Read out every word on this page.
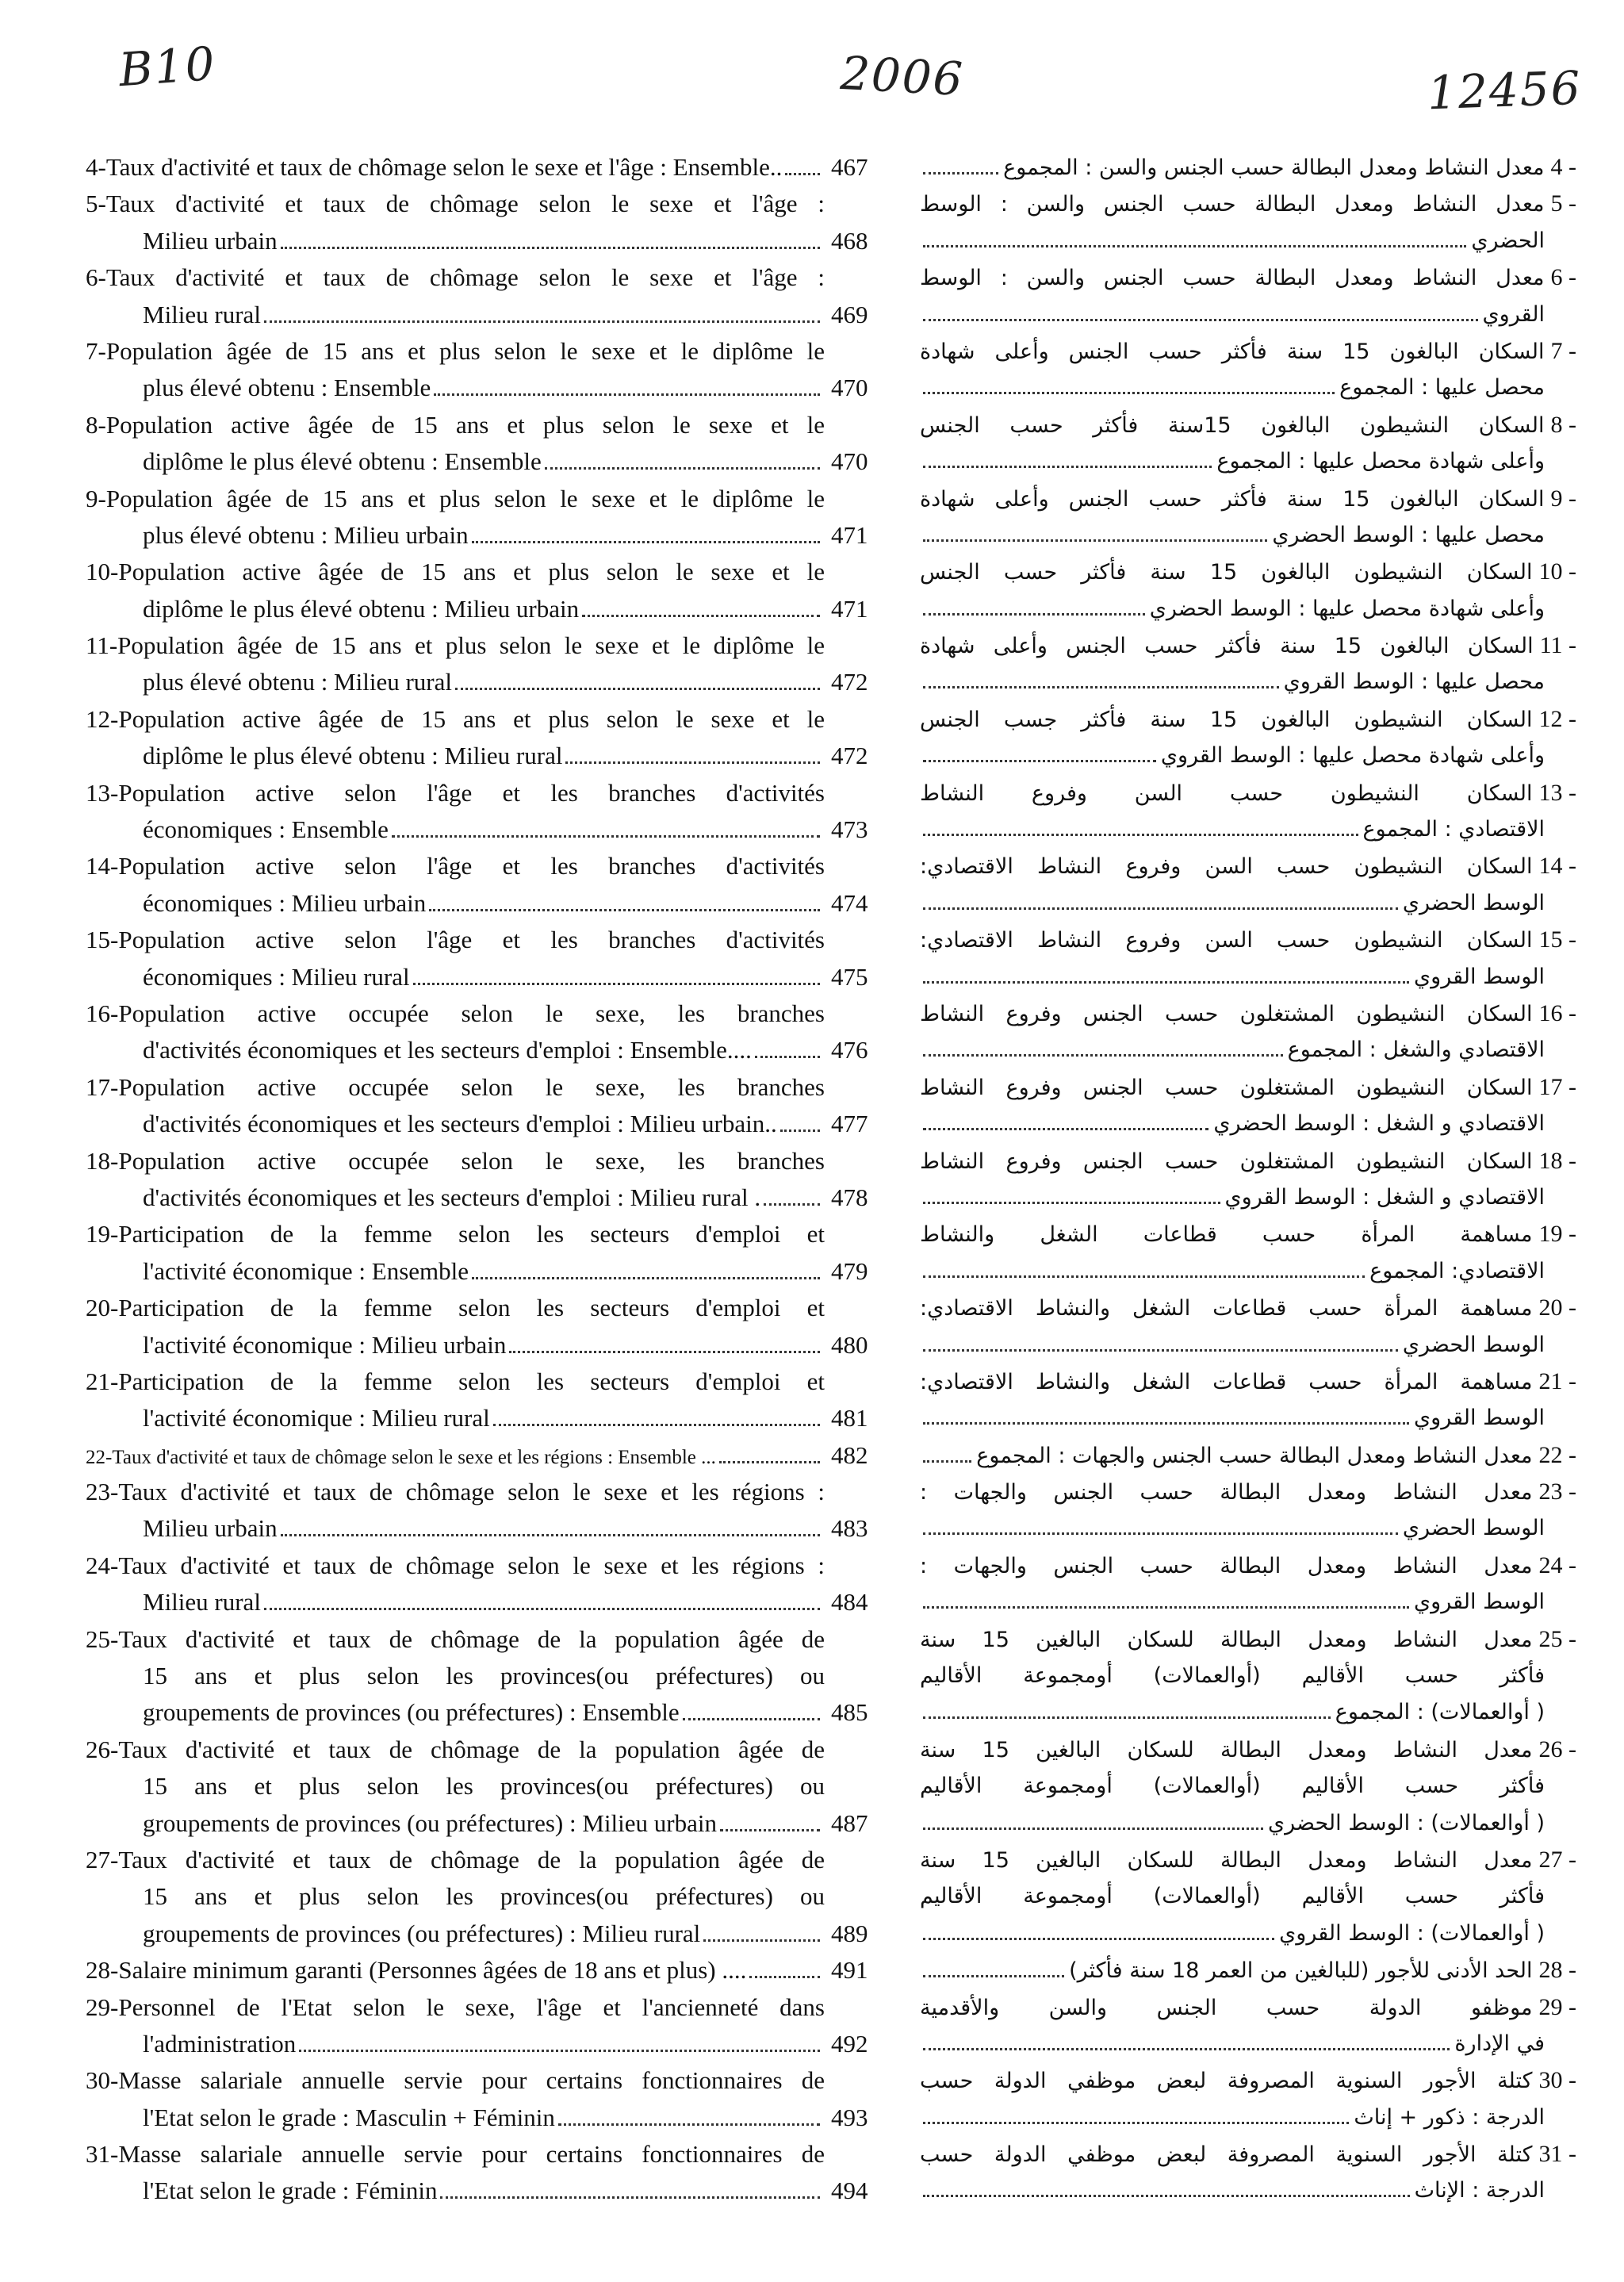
B10	2006	12456
4-Taux d'activité et taux de chômage selon le sexe et l'âge : Ensemble.. 467	4 -
معدل النشاط ومعدل البطالة حسب الجنس والسن : المجموع
5-Taux d'activité et taux de chômage selon le sexe et l'âge :
Milieu urbain	468
5 -
معدل النشاط ومعدل البطالة حسب الجنس والسن : الوسط
الحضري
6-Taux d'activité et taux de chômage selon le sexe et l'âge :
Milieu rural	469
6 -
معدل النشاط ومعدل البطالة حسب الجنس والسن : الوسط
القروي
7-Population âgée de 15 ans et plus selon le sexe et le diplôme le
plus élevé obtenu : Ensemble	470
7 -
السكان البالغون 15 سنة فأكثر حسب الجنس وأعلى شهادة
محصل عليها : المجموع
8-Population active âgée de 15 ans et plus selon le sexe et le
diplôme le plus élevé obtenu : Ensemble	470
8 -
السكان النشيطون البالغون 15سنة فأكثر حسب الجنس
وأعلى شهادة محصل عليها : المجموع
9-Population âgée de 15 ans et plus selon le sexe et le diplôme le
plus élevé obtenu : Milieu urbain	471
9 -
السكان البالغون 15 سنة فأكثر حسب الجنس وأعلى شهادة
محصل عليها : الوسط الحضري
10-Population active âgée de 15 ans et plus selon le sexe et le
diplôme le plus élevé obtenu : Milieu urbain	471
10 -
السكان النشيطون البالغون 15 سنة فأكثر حسب الجنس
وأعلى شهادة محصل عليها : الوسط الحضري
11-Population âgée de 15 ans et plus selon le sexe et le diplôme le
plus élevé obtenu : Milieu rural	472
11 -
السكان البالغون 15 سنة فأكثر حسب الجنس وأعلى شهادة
محصل عليها : الوسط القروي
12-Population active âgée de 15 ans et plus selon le sexe et le
diplôme le plus élevé obtenu : Milieu rural	472
12 -
السكان النشيطون البالغون 15 سنة فأكثر جسب الجنس
وأعلى شهادة محصل عليها : الوسط القروي
13-Population active selon l'âge et les branches d'activités
économiques : Ensemble	473
13 -
السكان النشيطون حسب السن وفروع النشاط
الاقتصادي : المجموع
14-Population active selon l'âge et les branches d'activités
économiques : Milieu urbain	474
14 -
السكان النشيطون حسب السن وفروع النشاط الاقتصادي:
الوسط الحضري
15-Population active selon l'âge et les branches d'activités
économiques : Milieu rural	475
15 -
السكان النشيطون حسب السن وفروع النشاط الاقتصادي:
الوسط القروي
16-Population active occupée selon le sexe, les branches
d'activités économiques et les secteurs d'emploi : Ensemble....	476
16 -
السكان النشيطون المشتغلون حسب الجنس وفروع النشاط
الاقتصادي والشغل : المجموع
17-Population active occupée selon le sexe, les branches
d'activités économiques et les secteurs d'emploi : Milieu urbain.. 477
17 -
السكان النشيطون المشتغلون حسب الجنس وفروع النشاط
الاقتصادي و الشغل : الوسط الحضري
18-Population active occupée selon le sexe, les branches
d'activités économiques et les secteurs d'emploi : Milieu rural .	478
18 -
السكان النشيطون المشتغلون حسب الجنس وفروع النشاط
الاقتصادي و الشغل : الوسط القروي
19-Participation de la femme selon les secteurs d'emploi et
l'activité économique : Ensemble	479
19 -
مساهمة المرأة حسب قطاعات الشغل والنشاط
الاقتصادي: المجموع
20-Participation de la femme selon les secteurs d'emploi et
l'activité économique : Milieu urbain	480
20 -
مساهمة المرأة حسب قطاعات الشغل والنشاط الاقتصادي:
الوسط الحضري
21-Participation de la femme selon les secteurs d'emploi et
l'activité économique : Milieu rural	481
21 -
مساهمة المرأة حسب قطاعات الشغل والنشاط الاقتصادي:
الوسط القروي
22-Taux d'activité et taux de chômage selon le sexe et les régions : Ensemble ...	482	22 -
معدل النشاط ومعدل البطالة حسب الجنس والجهات : المجموع
23-Taux d'activité et taux de chômage selon le sexe et les régions :
Milieu urbain	483
23 -
معدل النشاط ومعدل البطالة حسب الجنس والجهات :
الوسط الحضري
24-Taux d'activité et taux de chômage selon le sexe et les régions :
Milieu rural	484
24 -
معدل النشاط ومعدل البطالة حسب الجنس والجهات :
الوسط القروي
25-Taux d'activité et taux de chômage de la population âgée de
15 ans et plus selon les provinces(ou préfectures) ou
groupements de provinces (ou préfectures) : Ensemble	485
25 -
معدل النشاط ومعدل البطالة للسكان البالغين 15 سنة
فأكثر حسب الأقاليم (أوالعمالات) أومجموعة الأقاليم
( أوالعمالات) : المجموع
26-Taux d'activité et taux de chômage de la population âgée de
15 ans et plus selon les provinces(ou préfectures) ou
groupements de provinces (ou préfectures) : Milieu urbain	487
26 -
معدل النشاط ومعدل البطالة للسكان البالغين 15 سنة
فأكثر حسب الأقاليم (أوالعمالات) أومجموعة الأقاليم
( أوالعمالات) : الوسط الحضري
27-Taux d'activité et taux de chômage de la population âgée de
15 ans et plus selon les provinces(ou préfectures) ou
groupements de provinces (ou préfectures) : Milieu rural	489
27 -
معدل النشاط ومعدل البطالة للسكان البالغين 15 سنة
فأكثر حسب الأقاليم (أوالعمالات) أومجموعة الأقاليم
( أوالعمالات) : الوسط القروي
28-Salaire minimum garanti (Personnes âgées de 18 ans et plus) ....	491	28 -
الحد الأدنى للأجور (للبالغين من العمر 18 سنة فأكثر)
29-Personnel de l'Etat selon le sexe, l'âge et l'ancienneté dans
l'administration	492
29 -
موظفو الدولة حسب الجنس والسن والأقدمية
في الإدارة
30-Masse salariale annuelle servie pour certains fonctionnaires de
l'Etat selon le grade : Masculin + Féminin	493
30 -
كتلة الأجور السنوية المصروفة لبعض موظفي الدولة حسب
الدرجة : ذكور + إناث
31-Masse salariale annuelle servie pour certains fonctionnaires de
l'Etat selon le grade : Féminin	494
31 -
كتلة الأجور السنوية المصروفة لبعض موظفي الدولة حسب
الدرجة : الإناث
